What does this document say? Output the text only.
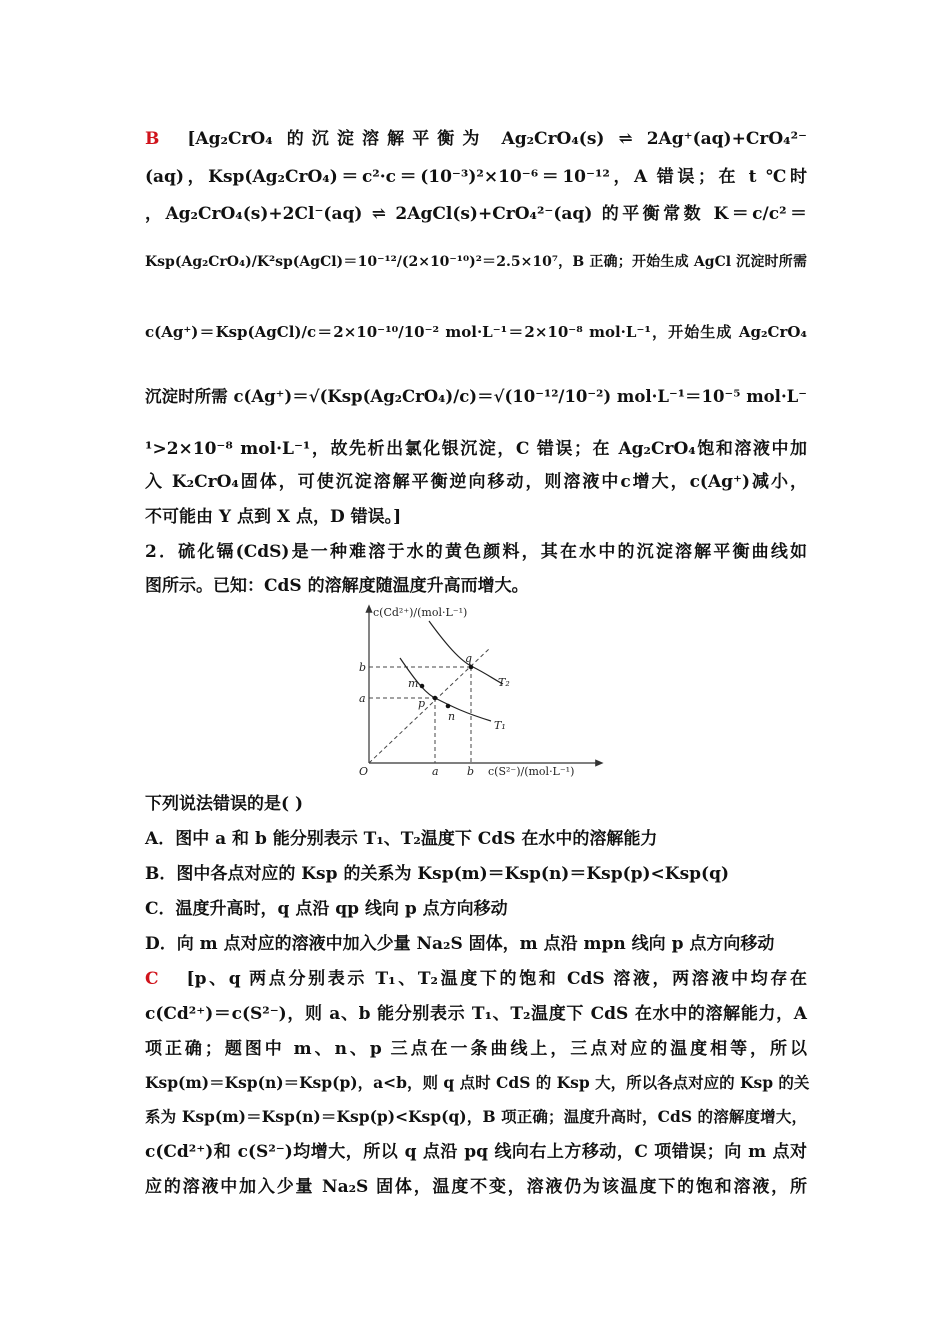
B [Ag₂CrO₄ 的沉淀溶解平衡为 Ag₂CrO₄(s) ⇌ 2Ag⁺(aq)+CrO₄²⁻
(aq)，Ksp(Ag₂CrO₄)＝c²·c＝(10⁻³)²×10⁻⁶＝10⁻¹²，A 错误；在 t ℃时
，Ag₂CrO₄(s)+2Cl⁻(aq) ⇌ 2AgCl(s)+CrO₄²⁻(aq) 的平衡常数 K＝c/c²＝
Ksp(Ag₂CrO₄)/K²sp(AgCl)＝10⁻¹²/(2×10⁻¹⁰)²＝2.5×10⁷，B 正确；开始生成 AgCl 沉淀时所需
c(Ag⁺)＝Ksp(AgCl)/c＝2×10⁻¹⁰/10⁻² mol·L⁻¹＝2×10⁻⁸ mol·L⁻¹，开始生成 Ag₂CrO₄
沉淀时所需 c(Ag⁺)＝√(Ksp(Ag₂CrO₄)/c)＝√(10⁻¹²/10⁻²) mol·L⁻¹＝10⁻⁵ mol·L⁻
¹>2×10⁻⁸ mol·L⁻¹，故先析出氯化银沉淀，C 错误；在 Ag₂CrO₄饱和溶液中加
入 K₂CrO₄固体，可使沉淀溶解平衡逆向移动，则溶液中c增大，c(Ag⁺)减小，
不可能由 Y 点到 X 点，D 错误。]
2．硫化镉(CdS)是一种难溶于水的黄色颜料，其在水中的沉淀溶解平衡曲线如
图所示。已知：CdS 的溶解度随温度升高而增大。
下列说法错误的是( )
A．图中 a 和 b 能分别表示 T₁、T₂温度下 CdS 在水中的溶解能力
B．图中各点对应的 Ksp 的关系为 Ksp(m)＝Ksp(n)＝Ksp(p)<Ksp(q)
C．温度升高时，q 点沿 qp 线向 p 点方向移动
D．向 m 点对应的溶液中加入少量 Na₂S 固体，m 点沿 mpn 线向 p 点方向移动
C [p、q 两点分别表示 T₁、T₂温度下的饱和 CdS 溶液，两溶液中均存在
c(Cd²⁺)＝c(S²⁻)，则 a、b 能分别表示 T₁、T₂温度下 CdS 在水中的溶解能力，A
项正确；题图中 m、n、p 三点在一条曲线上，三点对应的温度相等，所以
Ksp(m)＝Ksp(n)＝Ksp(p)，a<b，则 q 点时 CdS 的 Ksp 大，所以各点对应的 Ksp 的关
系为 Ksp(m)＝Ksp(n)＝Ksp(p)<Ksp(q)，B 项正确；温度升高时，CdS 的溶解度增大，
c(Cd²⁺)和 c(S²⁻)均增大，所以 q 点沿 pq 线向右上方移动，C 项错误；向 m 点对
应的溶液中加入少量 Na₂S 固体，温度不变，溶液仍为该温度下的饱和溶液，所
c(Cd²⁺)/(mol·L⁻¹)
c(S²⁻)/(mol·L⁻¹)
O
b
a
a	b
m
p
n
q
T₂
T₁
